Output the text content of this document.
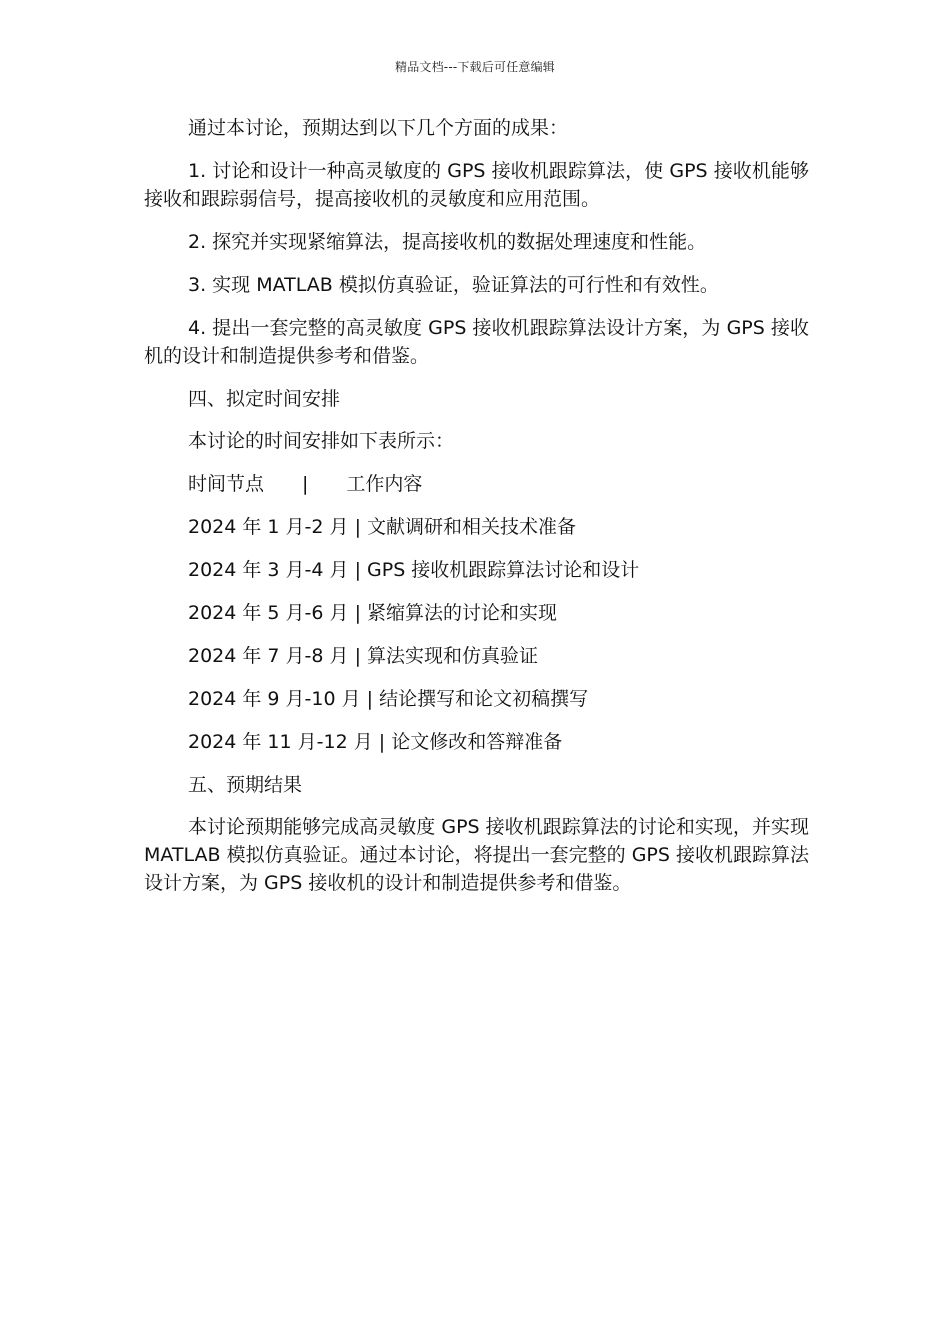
精品文档---下载后可任意编辑

通过本讨论，预期达到以下几个方面的成果：

1. 讨论和设计一种高灵敏度的 GPS 接收机跟踪算法，使 GPS 接收机能够接收和跟踪弱信号，提高接收机的灵敏度和应用范围。

2. 探究并实现紧缩算法，提高接收机的数据处理速度和性能。

3. 实现 MATLAB 模拟仿真验证，验证算法的可行性和有效性。

4. 提出一套完整的高灵敏度 GPS 接收机跟踪算法设计方案，为 GPS 接收机的设计和制造提供参考和借鉴。

四、拟定时间安排

本讨论的时间安排如下表所示：

时间节点　　|　　工作内容

2024 年 1 月-2 月 | 文献调研和相关技术准备

2024 年 3 月-4 月 | GPS 接收机跟踪算法讨论和设计

2024 年 5 月-6 月 | 紧缩算法的讨论和实现

2024 年 7 月-8 月 | 算法实现和仿真验证

2024 年 9 月-10 月 | 结论撰写和论文初稿撰写

2024 年 11 月-12 月 | 论文修改和答辩准备

五、预期结果

本讨论预期能够完成高灵敏度 GPS 接收机跟踪算法的讨论和实现，并实现 MATLAB 模拟仿真验证。通过本讨论，将提出一套完整的 GPS 接收机跟踪算法设计方案，为 GPS 接收机的设计和制造提供参考和借鉴。
